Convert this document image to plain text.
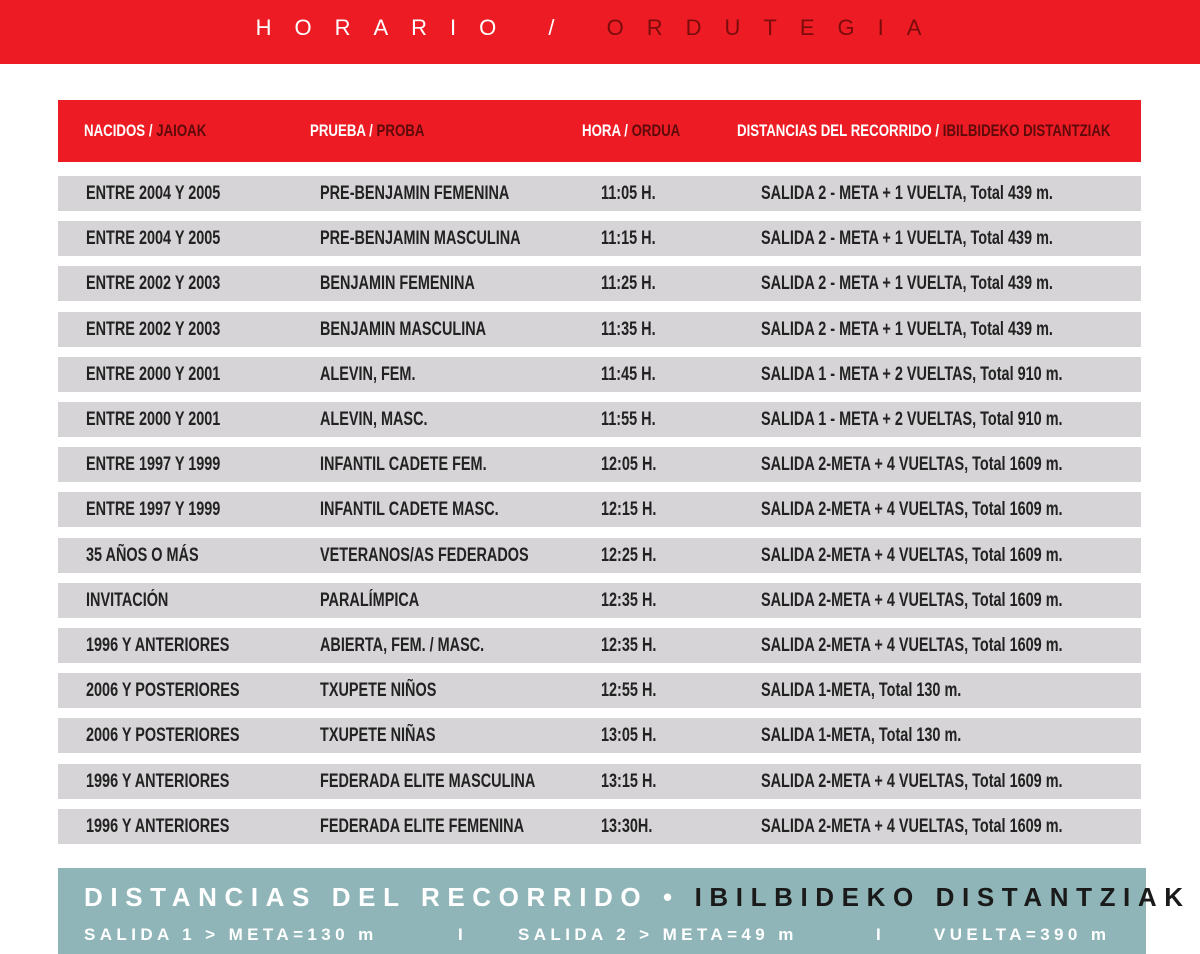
HORARIO / ORDUTEGIA
NACIDOS / JAIOAK	PRUEBA / PROBA	HORA / ORDUA	DISTANCIAS DEL RECORRIDO / IBILBIDEKO DISTANTZIAK
ENTRE 2004 Y 2005	PRE-BENJAMIN FEMENINA	11:05 H.	SALIDA 2 - META + 1 VUELTA, Total 439 m.
ENTRE 2004 Y 2005	PRE-BENJAMIN MASCULINA	11:15 H.	SALIDA 2 - META + 1 VUELTA, Total 439 m.
ENTRE 2002 Y 2003	BENJAMIN FEMENINA	11:25 H.	SALIDA 2 - META + 1 VUELTA, Total 439 m.
ENTRE 2002 Y 2003	BENJAMIN MASCULINA	11:35 H.	SALIDA 2 - META + 1 VUELTA, Total 439 m.
ENTRE 2000 Y 2001	ALEVIN, FEM.	11:45 H.	SALIDA 1 - META + 2 VUELTAS, Total 910 m.
ENTRE 2000 Y 2001	ALEVIN, MASC.	11:55 H.	SALIDA 1 - META + 2 VUELTAS, Total 910 m.
ENTRE 1997 Y 1999	INFANTIL CADETE FEM.	12:05 H.	SALIDA 2-META + 4 VUELTAS, Total 1609 m.
ENTRE 1997 Y 1999	INFANTIL CADETE MASC.	12:15 H.	SALIDA 2-META + 4 VUELTAS, Total 1609 m.
35 AÑOS O MÁS	VETERANOS/AS FEDERADOS	12:25 H.	SALIDA 2-META + 4 VUELTAS, Total 1609 m.
INVITACIÓN	PARALÍMPICA	12:35 H.	SALIDA 2-META + 4 VUELTAS, Total 1609 m.
1996 Y ANTERIORES	ABIERTA, FEM. / MASC.	12:35 H.	SALIDA 2-META + 4 VUELTAS, Total 1609 m.
2006 Y POSTERIORES	TXUPETE NIÑOS	12:55 H.	SALIDA 1-META, Total 130 m.
2006 Y POSTERIORES	TXUPETE NIÑAS	13:05 H.	SALIDA 1-META, Total 130 m.
1996 Y ANTERIORES	FEDERADA ELITE MASCULINA	13:15 H.	SALIDA 2-META + 4 VUELTAS, Total 1609 m.
1996 Y ANTERIORES	FEDERADA ELITE FEMENINA	13:30H.	SALIDA 2-META + 4 VUELTAS, Total 1609 m.
DISTANCIAS DEL RECORRIDO • IBILBIDEKO DISTANTZIAK
SALIDA 1 > META=130 m	I	SALIDA 2 > META=49 m	I	VUELTA=390 m
